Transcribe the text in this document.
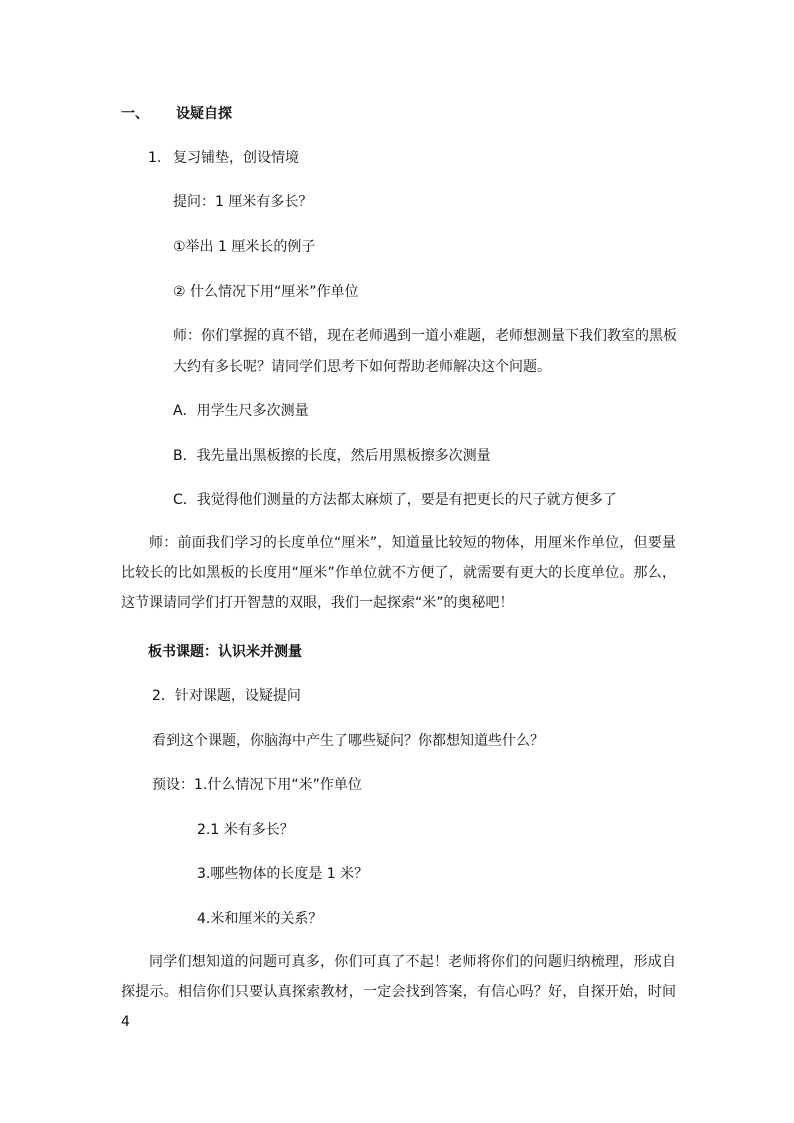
一、 设疑自探
1. 复习铺垫，创设情境
提问：1 厘米有多长？
①举出 1 厘米长的例子
② 什么情况下用“厘米”作单位
师：你们掌握的真不错，现在老师遇到一道小难题，老师想测量下我们教室的黑板
大约有多长呢？请同学们思考下如何帮助老师解决这个问题。
A．用学生尺多次测量
B．我先量出黑板擦的长度，然后用黑板擦多次测量
C．我觉得他们测量的方法都太麻烦了，要是有把更长的尺子就方便多了
师：前面我们学习的长度单位“厘米”，知道量比较短的物体，用厘米作单位，但要量比较长的比如黑板的长度用“厘米”作单位就不方便了，就需要有更大的长度单位。那么，这节课请同学们打开智慧的双眼，我们一起探索“米”的奥秘吧！
板书课题：认识米并测量
2．针对课题，设疑提问
看到这个课题，你脑海中产生了哪些疑问？你都想知道些什么？
预设：1.什么情况下用“米”作单位
2.1 米有多长？
3.哪些物体的长度是 1 米？
4.米和厘米的关系？
同学们想知道的问题可真多，你们可真了不起！老师将你们的问题归纳梳理，形成自探提示。相信你们只要认真探索教材，一定会找到答案，有信心吗？好，自探开始，时间 4
